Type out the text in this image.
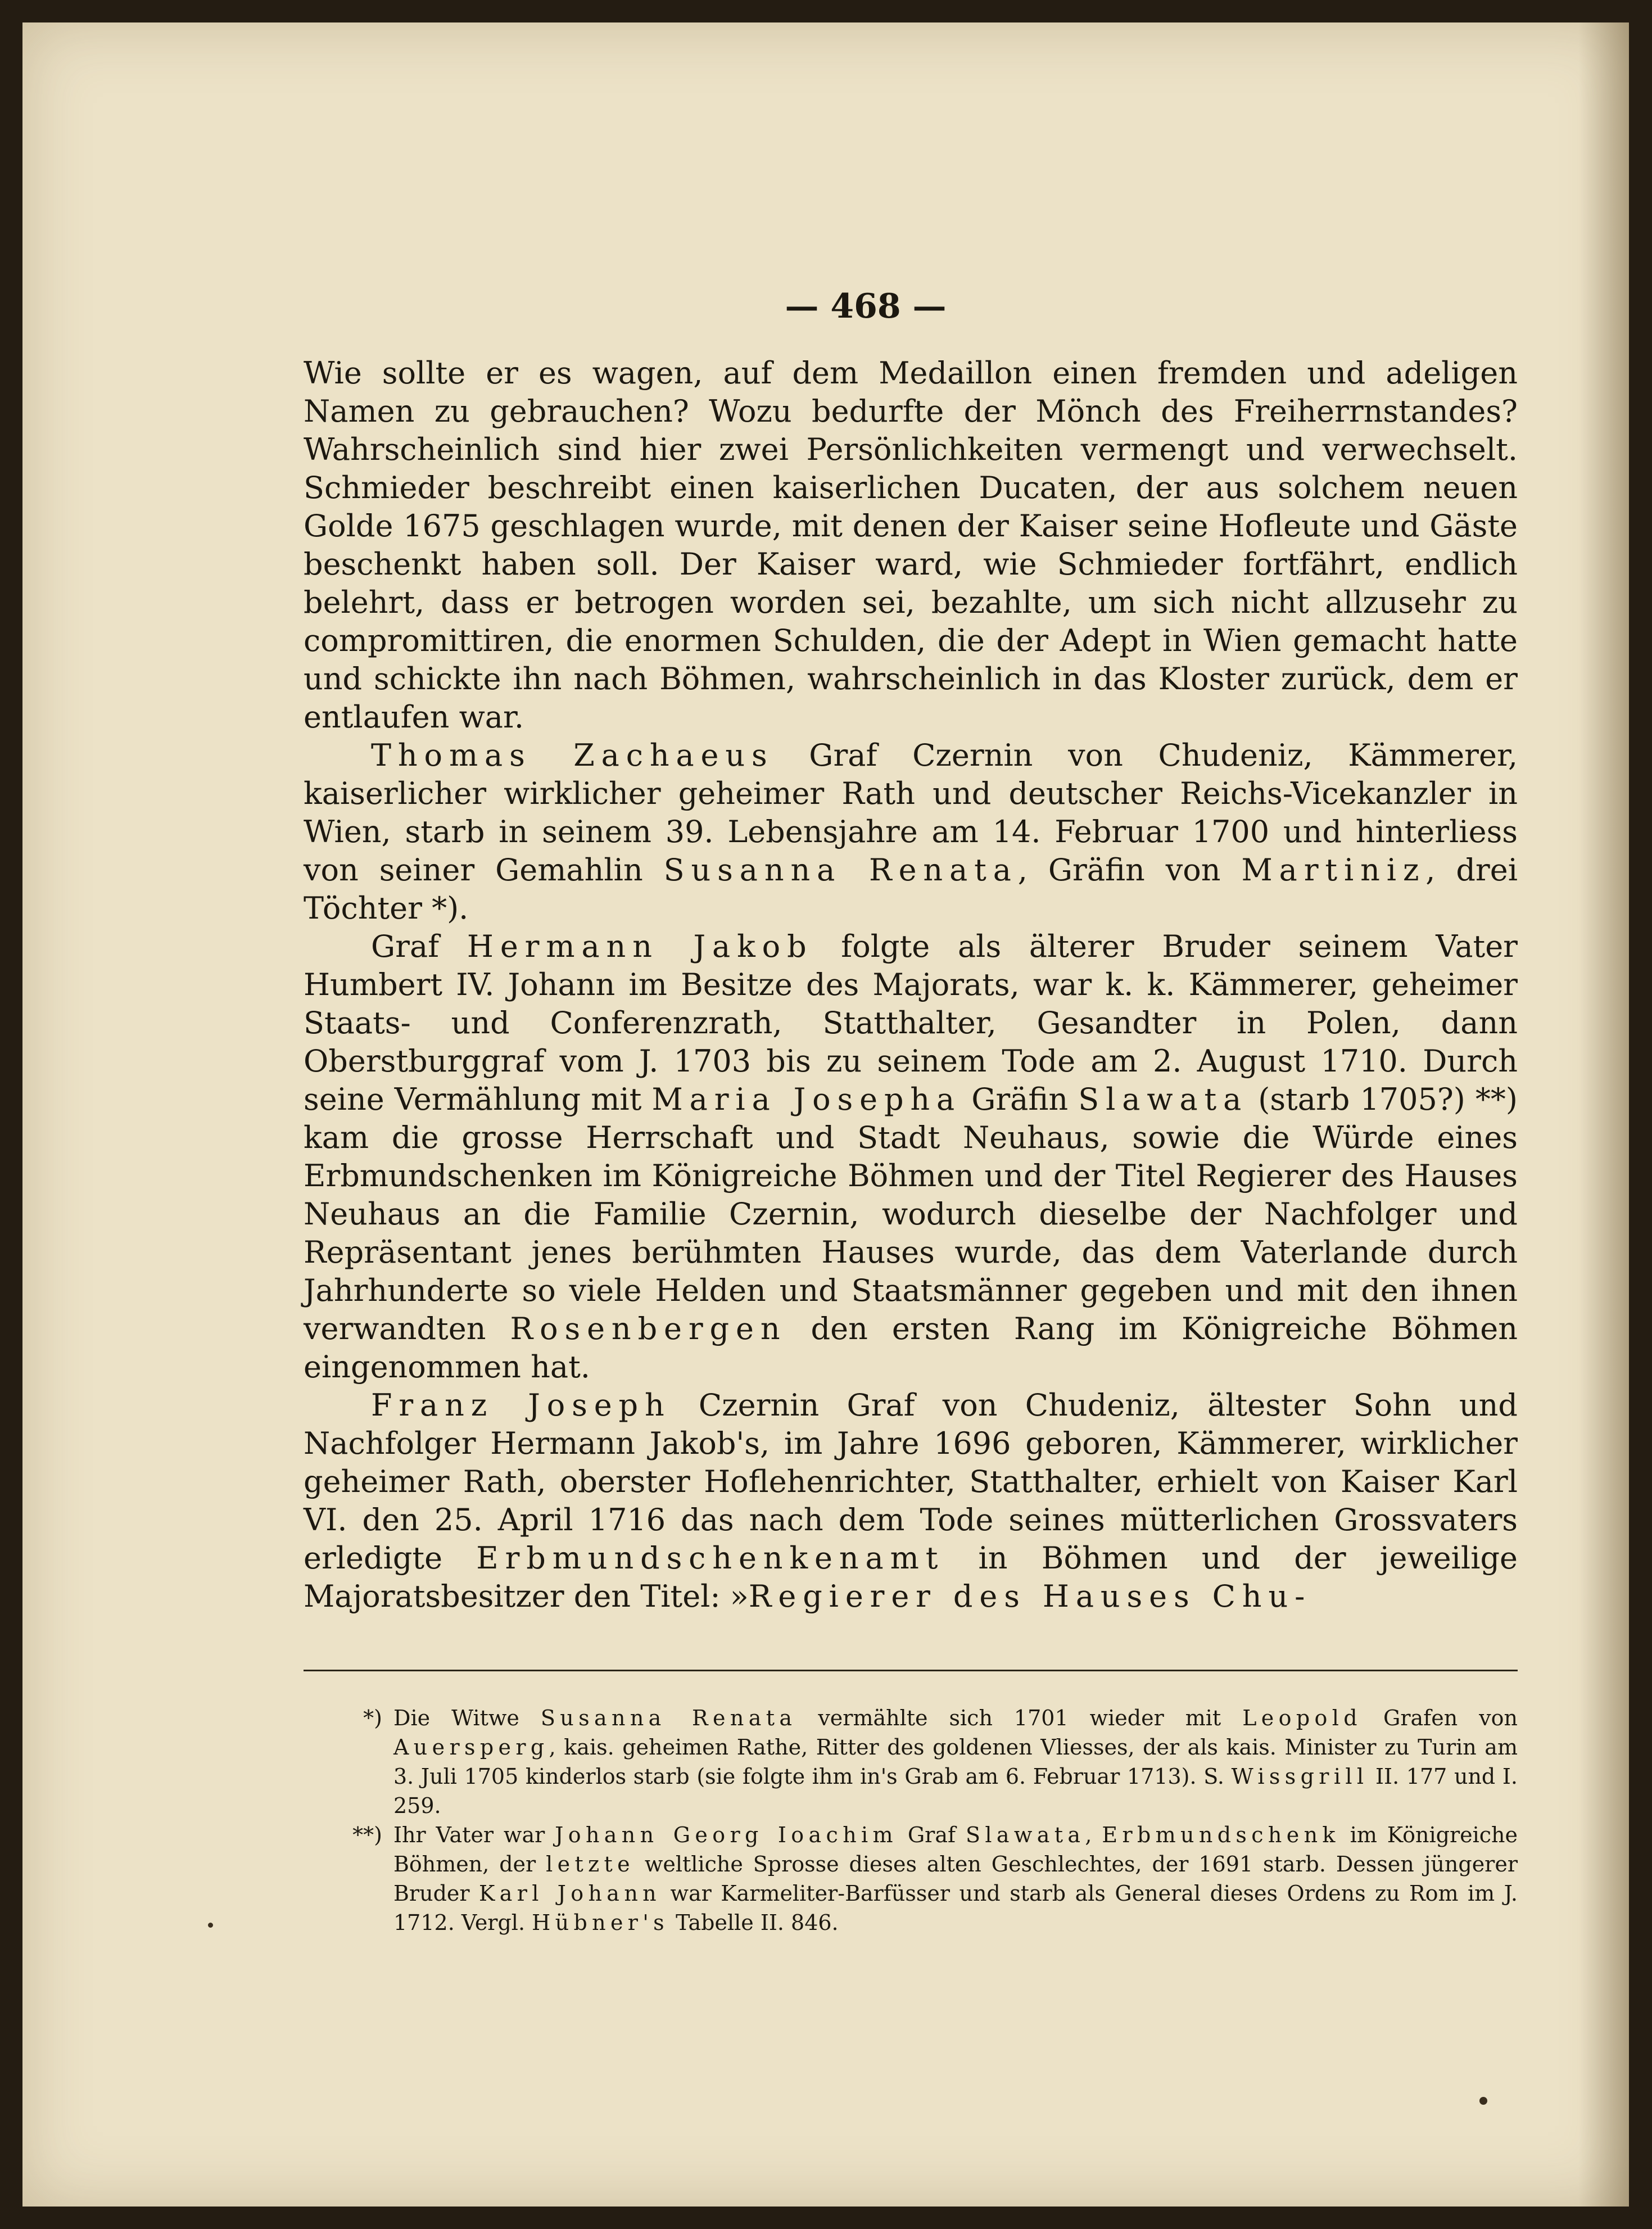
— 468 —

Wie sollte er es wagen, auf dem Medaillon einen fremden und adeligen Namen zu gebrauchen? Wozu bedurfte der Mönch des Freiherrnstandes? Wahrscheinlich sind hier zwei Persönlichkeiten vermengt und verwechselt. Schmieder beschreibt einen kaiserlichen Ducaten, der aus solchem neuen Golde 1675 geschlagen wurde, mit denen der Kaiser seine Hofleute und Gäste beschenkt haben soll. Der Kaiser ward, wie Schmieder fortfährt, endlich belehrt, dass er betrogen worden sei, bezahlte, um sich nicht allzusehr zu compromittiren, die enormen Schulden, die der Adept in Wien gemacht hatte und schickte ihn nach Böhmen, wahrscheinlich in das Kloster zurück, dem er entlaufen war.

Thomas Zachaeus Graf Czernin von Chudeniz, Kämmerer, kaiserlicher wirklicher geheimer Rath und deutscher Reichs-Vicekanzler in Wien, starb in seinem 39. Lebensjahre am 14. Februar 1700 und hinterliess von seiner Gemahlin Susanna Renata, Gräfin von Martiniz, drei Töchter *).

Graf Hermann Jakob folgte als älterer Bruder seinem Vater Humbert IV. Johann im Besitze des Majorats, war k. k. Kämmerer, geheimer Staats- und Conferenzrath, Statthalter, Gesandter in Polen, dann Oberstburggraf vom J. 1703 bis zu seinem Tode am 2. August 1710. Durch seine Vermählung mit Maria Josepha Gräfin Slawata (starb 1705?) **) kam die grosse Herrschaft und Stadt Neuhaus, sowie die Würde eines Erbmundschenken im Königreiche Böhmen und der Titel Regierer des Hauses Neuhaus an die Familie Czernin, wodurch dieselbe der Nachfolger und Repräsentant jenes berühmten Hauses wurde, das dem Vaterlande durch Jahrhunderte so viele Helden und Staatsmänner gegeben und mit den ihnen verwandten Rosenbergen den ersten Rang im Königreiche Böhmen eingenommen hat.

Franz Joseph Czernin Graf von Chudeniz, ältester Sohn und Nachfolger Hermann Jakob's, im Jahre 1696 geboren, Kämmerer, wirklicher geheimer Rath, oberster Hoflehenrichter, Statthalter, erhielt von Kaiser Karl VI. den 25. April 1716 das nach dem Tode seines mütterlichen Grossvaters erledigte Erbmundschenkenamt in Böhmen und der jeweilige Majoratsbesitzer den Titel: »Regierer des Hauses Chu-

*) Die Witwe Susanna Renata vermählte sich 1701 wieder mit Leopold Grafen von Auersperg, kais. geheimen Rathe, Ritter des goldenen Vliesses, der als kais. Minister zu Turin am 3. Juli 1705 kinderlos starb (sie folgte ihm in's Grab am 6. Februar 1713). S. Wissgrill II. 177 und I. 259.
**) Ihr Vater war Johann Georg Ioachim Graf Slawata, Erbmundschenk im Königreiche Böhmen, der letzte weltliche Sprosse dieses alten Geschlechtes, der 1691 starb. Dessen jüngerer Bruder Karl Johann war Karmeliter-Barfüsser und starb als General dieses Ordens zu Rom im J. 1712. Vergl. Hübner's Tabelle II. 846.
